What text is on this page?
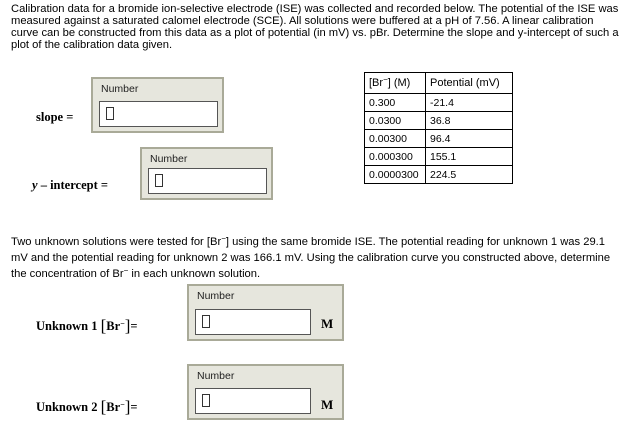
Calibration data for a bromide ion-selective electrode (ISE) was collected and recorded below. The potential of the ISE was measured against a saturated calomel electrode (SCE). All solutions were buffered at a pH of 7.56. A linear calibration curve can be constructed from this data as a plot of potential (in mV) vs. pBr. Determine the slope and y-intercept of such a plot of the calibration data given.
slope =
Number
y – intercept =
Number
[Br−] (M)	Potential (mV)
0.300	-21.4
0.0300	36.8
0.00300	96.4
0.000300	155.1
0.0000300	224.5
Two unknown solutions were tested for [Br−] using the same bromide ISE. The potential reading for unknown 1 was 29.1 mV and the potential reading for unknown 2 was 166.1 mV. Using the calibration curve you constructed above, determine the concentration of Br− in each unknown solution.
Unknown 1 [Br−]=
Number
M
Unknown 2 [Br−]=
Number
M
